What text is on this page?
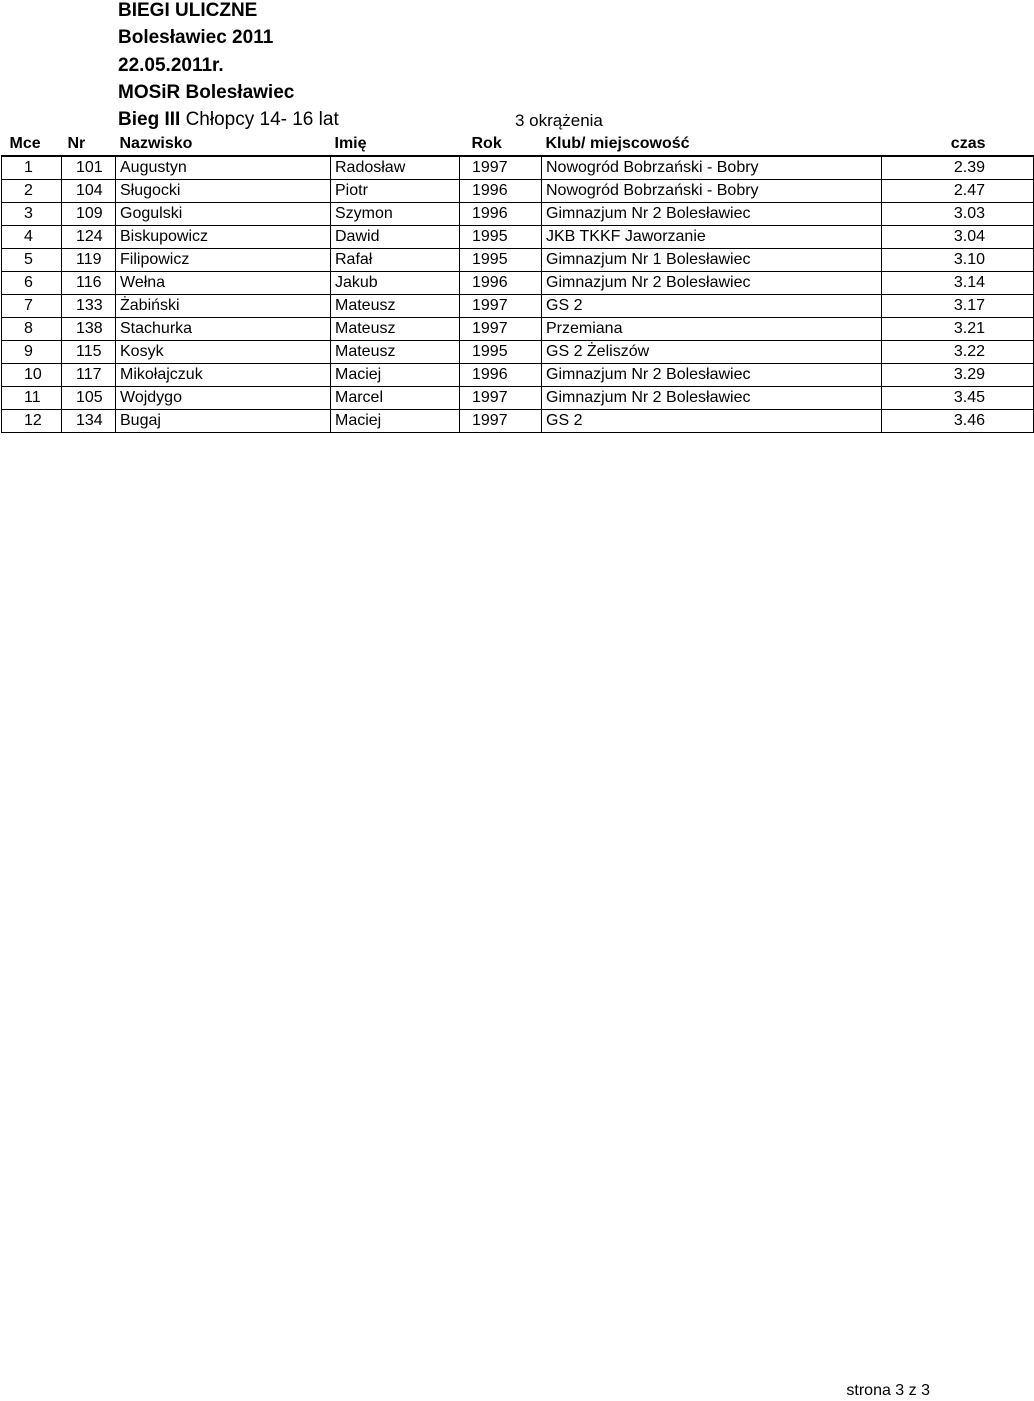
BIEGI ULICZNE
Bolesławiec 2011
22.05.2011r.
MOSiR Bolesławiec
Bieg III Chłopcy 14- 16 lat	3 okrążenia
Mce	Nr	Nazwisko	Imię	Rok	Klub/ miejscowość	czas
1	101	Augustyn	Radosław	1997	Nowogród Bobrzański - Bobry	2.39
2	104	Sługocki	Piotr	1996	Nowogród Bobrzański - Bobry	2.47
3	109	Gogulski	Szymon	1996	Gimnazjum Nr 2 Bolesławiec	3.03
4	124	Biskupowicz	Dawid	1995	JKB TKKF Jaworzanie	3.04
5	119	Filipowicz	Rafał	1995	Gimnazjum Nr 1 Bolesławiec	3.10
6	116	Wełna	Jakub	1996	Gimnazjum Nr 2 Bolesławiec	3.14
7	133	Żabiński	Mateusz	1997	GS 2	3.17
8	138	Stachurka	Mateusz	1997	Przemiana	3.21
9	115	Kosyk	Mateusz	1995	GS 2 Żeliszów	3.22
10	117	Mikołajczuk	Maciej	1996	Gimnazjum Nr 2 Bolesławiec	3.29
11	105	Wojdygo	Marcel	1997	Gimnazjum Nr 2 Bolesławiec	3.45
12	134	Bugaj	Maciej	1997	GS 2	3.46
strona 3 z 3
